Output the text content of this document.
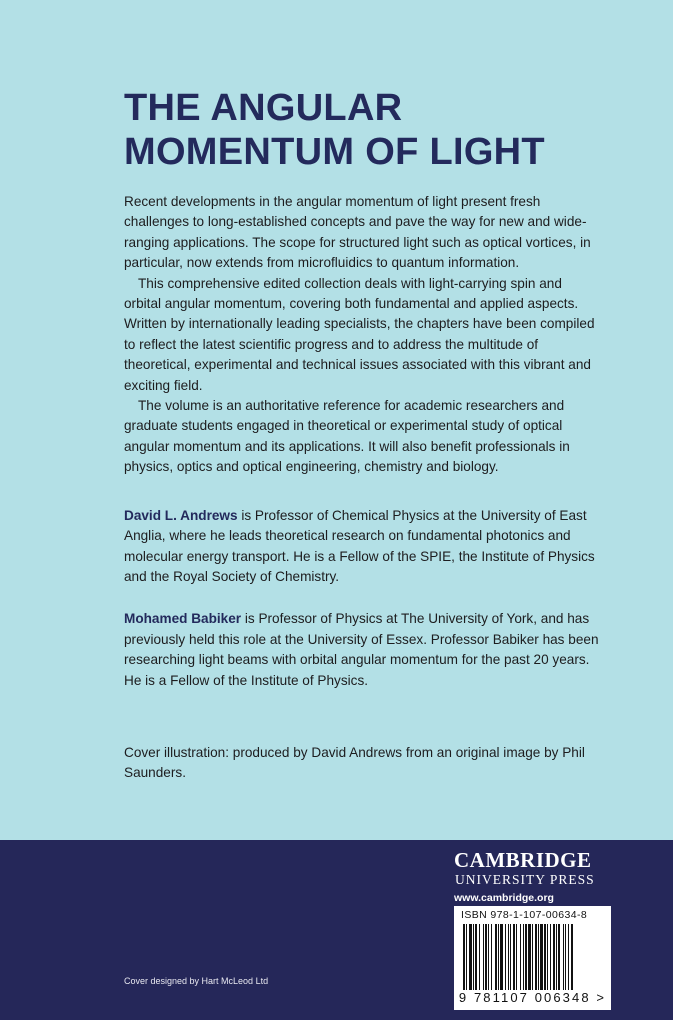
THE ANGULAR
MOMENTUM OF LIGHT

Recent developments in the angular momentum of light present fresh challenges to long-established concepts and pave the way for new and wide-ranging applications. The scope for structured light such as optical vortices, in particular, now extends from microfluidics to quantum information.

This comprehensive edited collection deals with light-carrying spin and orbital angular momentum, covering both fundamental and applied aspects. Written by internationally leading specialists, the chapters have been compiled to reflect the latest scientific progress and to address the multitude of theoretical, experimental and technical issues associated with this vibrant and exciting field.

The volume is an authoritative reference for academic researchers and graduate students engaged in theoretical or experimental study of optical angular momentum and its applications. It will also benefit professionals in physics, optics and optical engineering, chemistry and biology.

David L. Andrews is Professor of Chemical Physics at the University of East Anglia, where he leads theoretical research on fundamental photonics and molecular energy transport. He is a Fellow of the SPIE, the Institute of Physics and the Royal Society of Chemistry.
Mohamed Babiker is Professor of Physics at The University of York, and has previously held this role at the University of Essex. Professor Babiker has been researching light beams with orbital angular momentum for the past 20 years. He is a Fellow of the Institute of Physics.
Cover illustration: produced by David Andrews from an original image by Phil Saunders.
Cover designed by Hart McLeod Ltd
CAMBRIDGE
UNIVERSITY PRESS
www.cambridge.org
ISBN 978-1-107-00634-8
9 781107 006348 >
